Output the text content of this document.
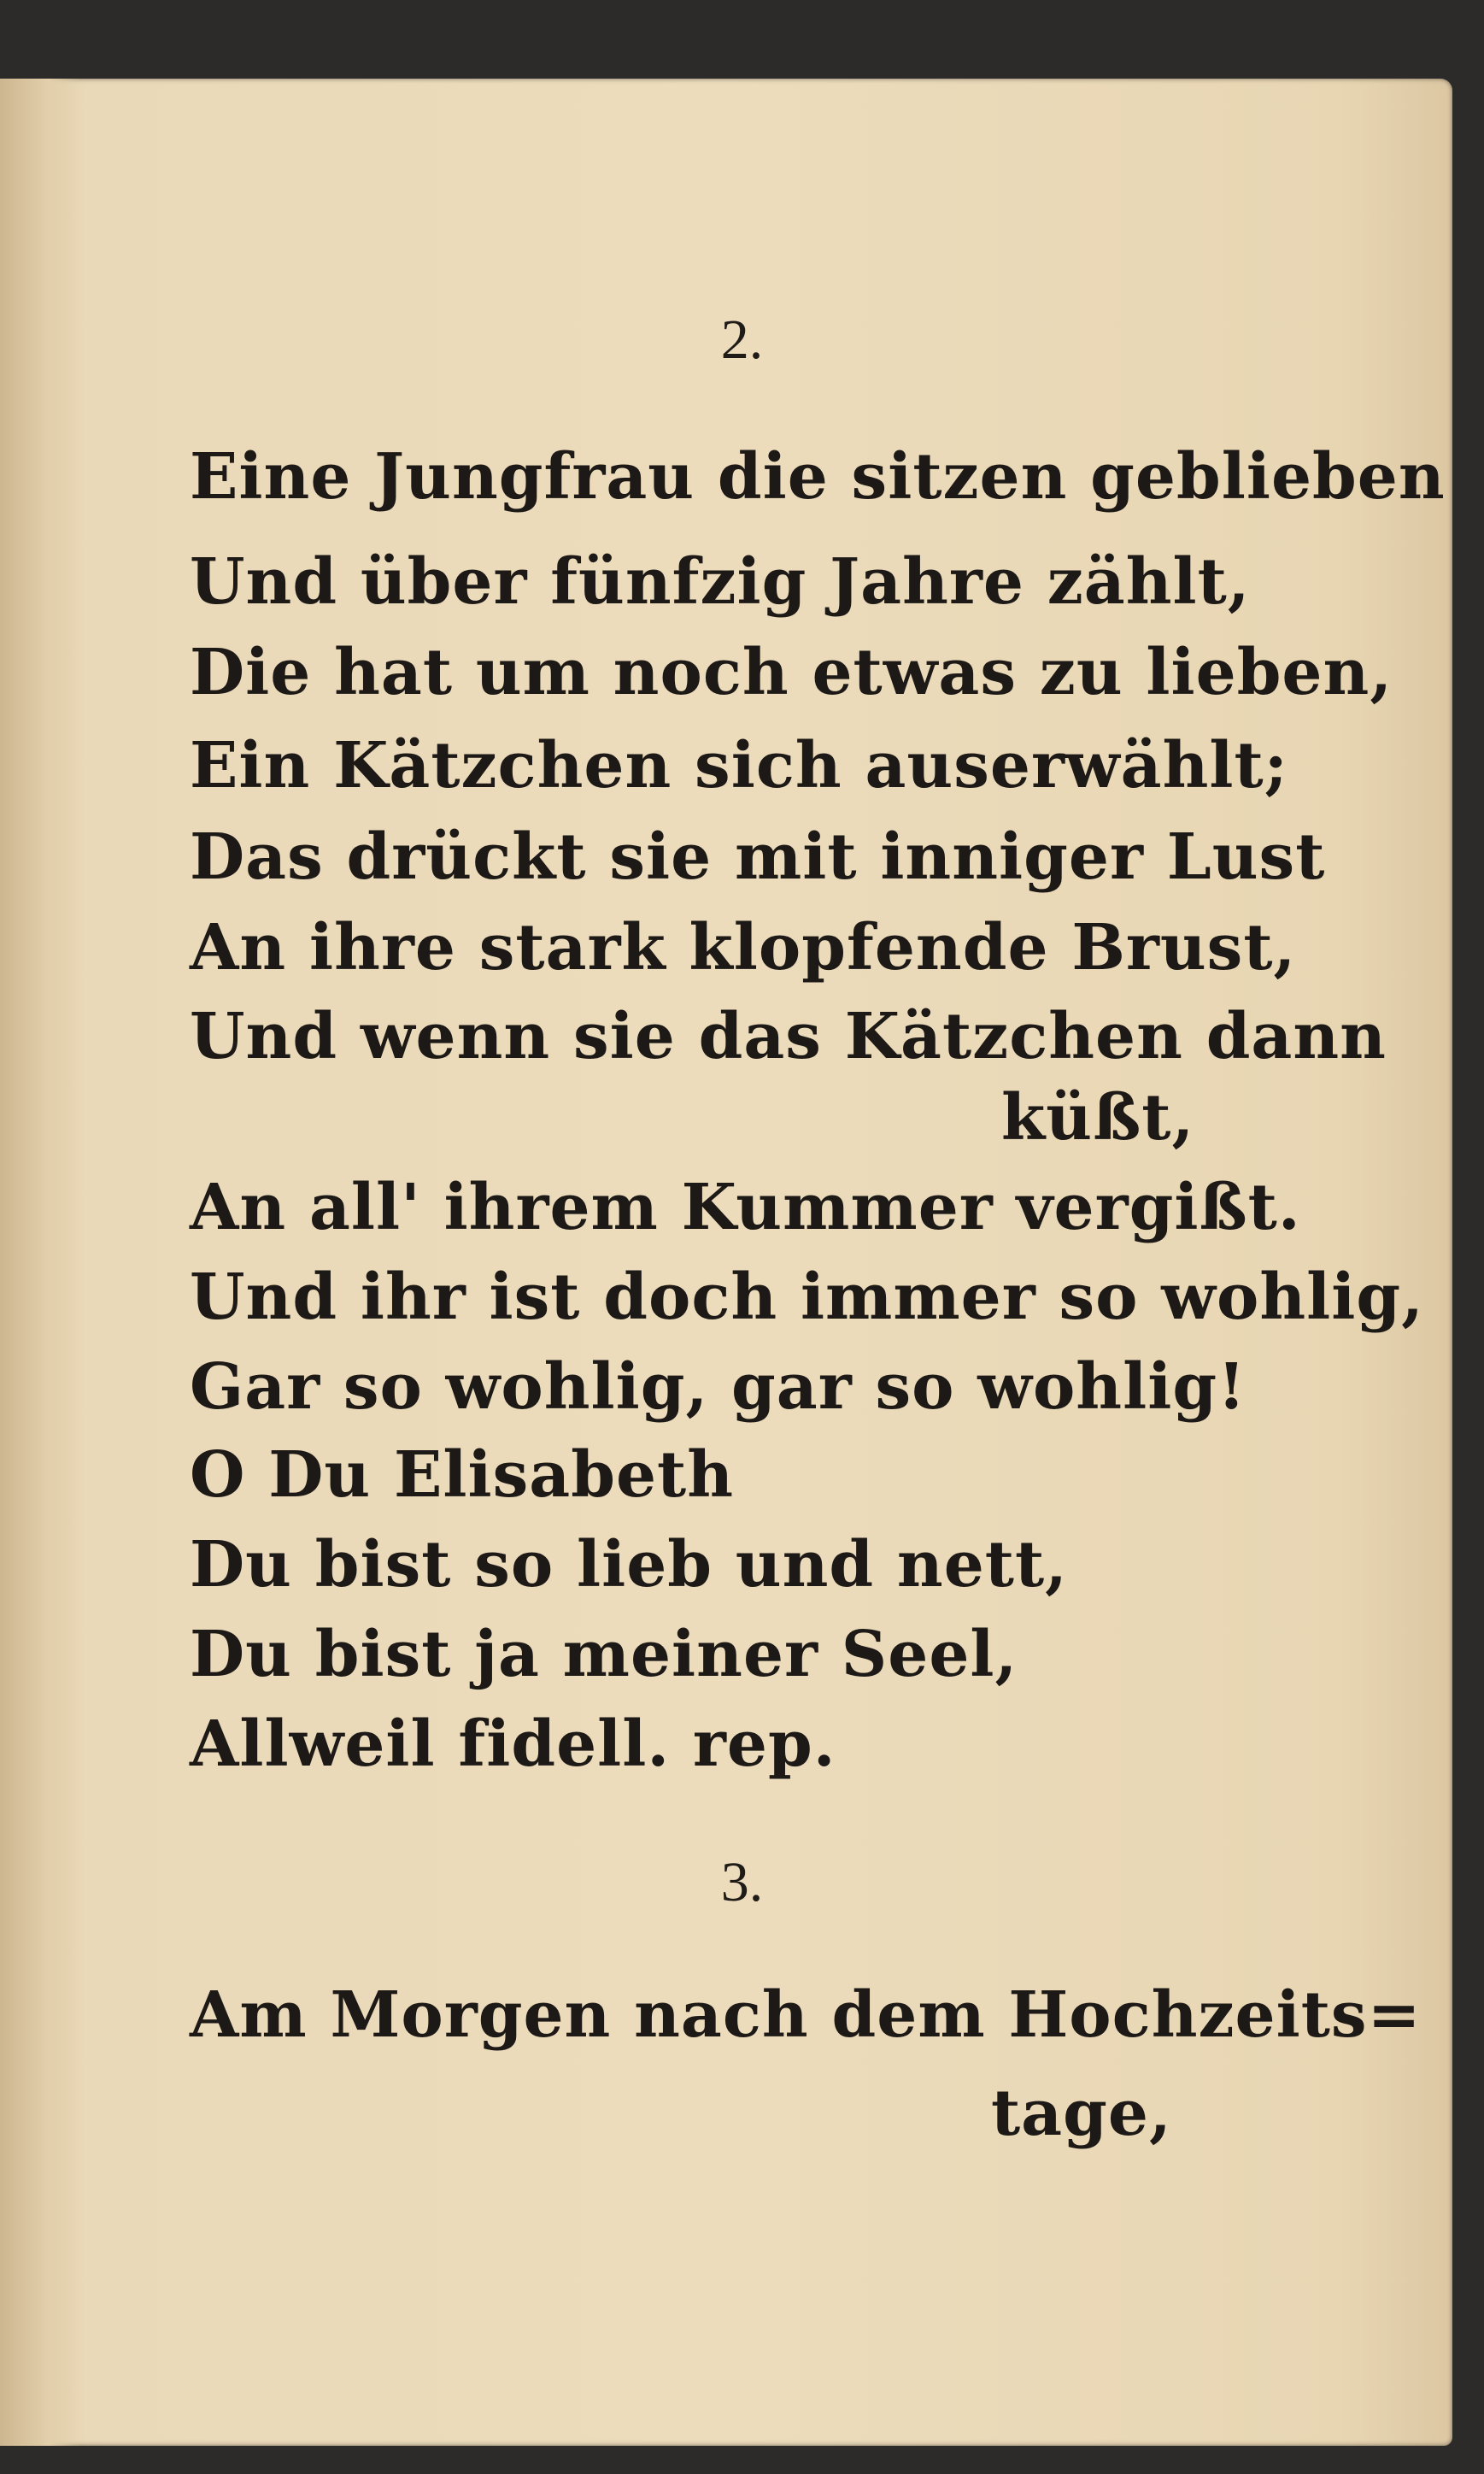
2.
Eine Jungfrau die sitzen geblieben
Und über fünfzig Jahre zählt,
Die hat um noch etwas zu lieben,
Ein Kätzchen sich auserwählt;
Das drückt sie mit inniger Lust
An ihre stark klopfende Brust,
Und wenn sie das Kätzchen dann
küßt,
An all' ihrem Kummer vergißt.
Und ihr ist doch immer so wohlig,
Gar so wohlig, gar so wohlig!
O Du Elisabeth
Du bist so lieb und nett,
Du bist ja meiner Seel,
Allweil fidell. rep.
3.
Am Morgen nach dem Hochzeits=
tage,
